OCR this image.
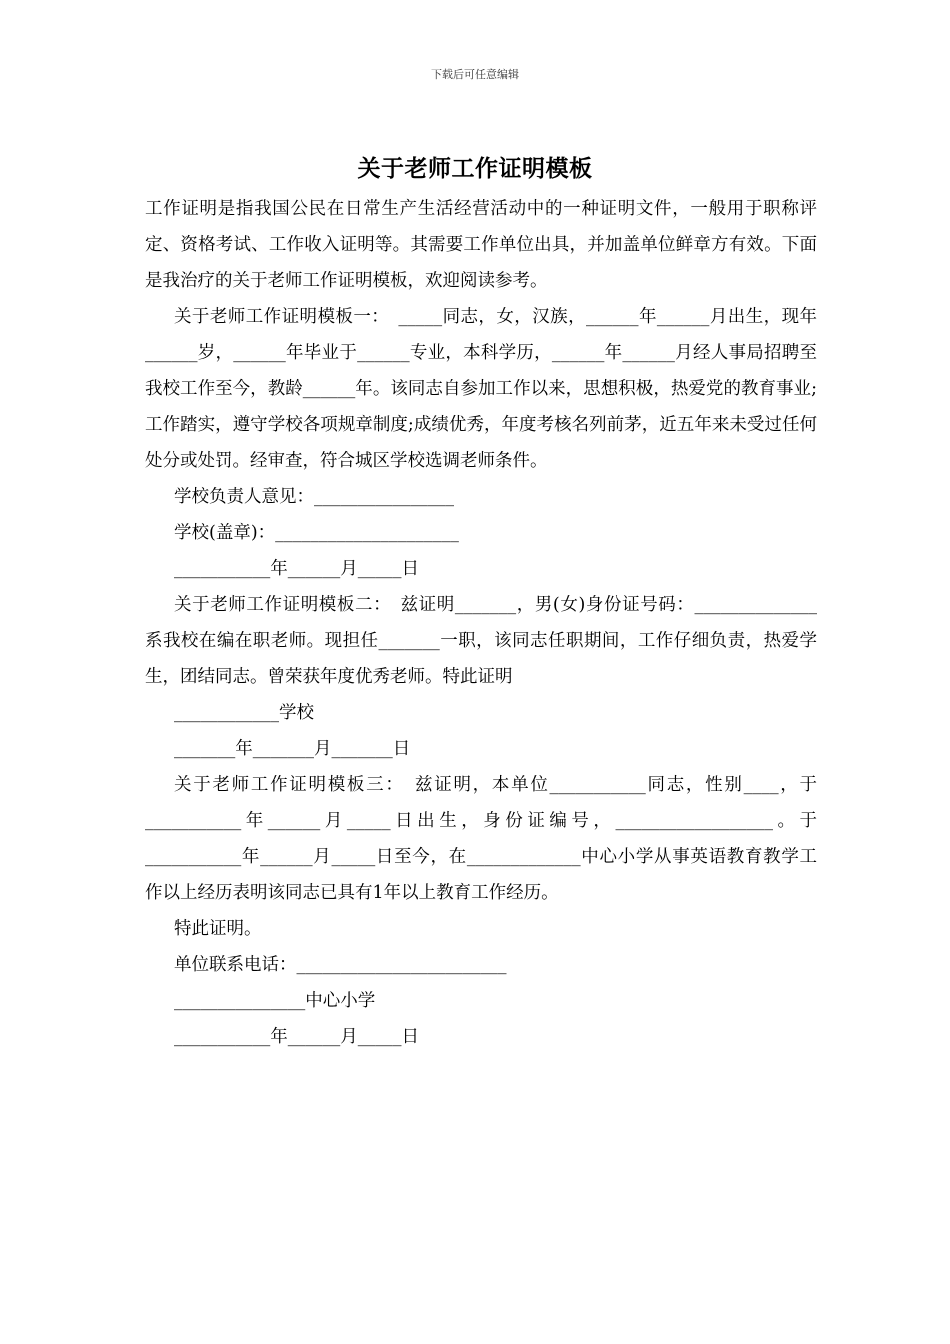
下载后可任意编辑
关于老师工作证明模板

工作证明是指我国公民在日常生产生活经营活动中的一种证明文件，一般用于职称评定、资格考试、工作收入证明等。其需要工作单位出具，并加盖单位鲜章方有效。下面是我治疗的关于老师工作证明模板，欢迎阅读参考。

关于老师工作证明模板一：　_____同志，女，汉族，______年______月出生，现年______岁，______年毕业于______专业，本科学历，______年______月经人事局招聘至我校工作至今，教龄______年。该同志自参加工作以来，思想积极，热爱党的教育事业;工作踏实，遵守学校各项规章制度;成绩优秀，年度考核名列前茅，近五年来未受过任何处分或处罚。经审查，符合城区学校选调老师条件。

学校负责人意见：________________

学校(盖章)：_____________________

___________年______月_____日

关于老师工作证明模板二：　兹证明_______，男(女)身份证号码：______________系我校在编在职老师。现担任_______一职，该同志任职期间，工作仔细负责，热爱学生，团结同志。曾荣获年度优秀老师。特此证明

____________学校

_______年_______月_______日

关于老师工作证明模板三：　兹证明，本单位___________同志，性别____，于___________年______月_____日出生，身份证编号，__________________。于___________年______月_____日至今，在_____________中心小学从事英语教育教学工作以上经历表明该同志已具有1年以上教育工作经历。

特此证明。

单位联系电话：________________________

_______________中心小学

___________年______月_____日
